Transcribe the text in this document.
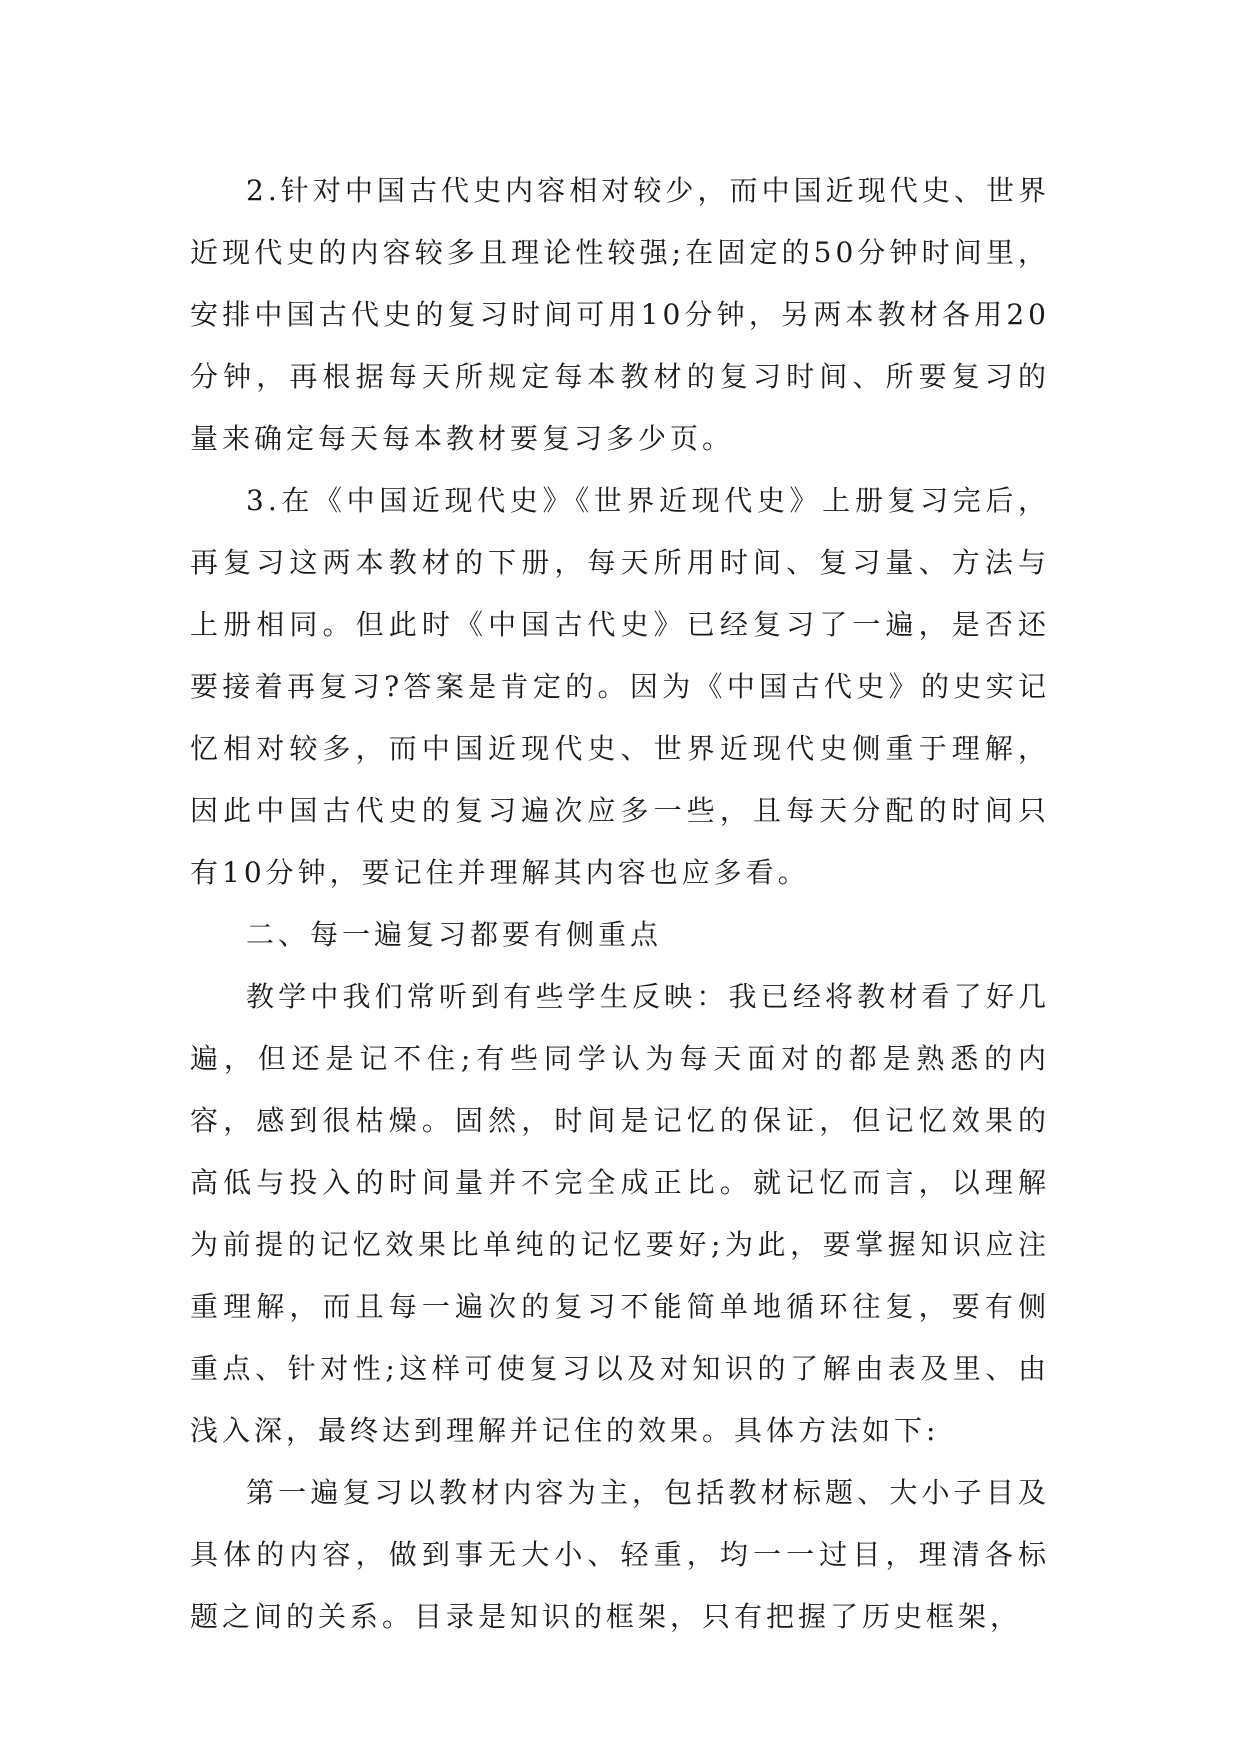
2.针对中国古代史内容相对较少，而中国近现代史、世界近现代史的内容较多且理论性较强;在固定的50分钟时间里，安排中国古代史的复习时间可用10分钟，另两本教材各用20分钟，再根据每天所规定每本教材的复习时间、所要复习的量来确定每天每本教材要复习多少页。

3.在《中国近现代史》《世界近现代史》上册复习完后，再复习这两本教材的下册，每天所用时间、复习量、方法与上册相同。但此时《中国古代史》已经复习了一遍，是否还要接着再复习?答案是肯定的。因为《中国古代史》的史实记忆相对较多，而中国近现代史、世界近现代史侧重于理解，因此中国古代史的复习遍次应多一些，且每天分配的时间只有10分钟，要记住并理解其内容也应多看。

二、每一遍复习都要有侧重点

教学中我们常听到有些学生反映：我已经将教材看了好几遍，但还是记不住;有些同学认为每天面对的都是熟悉的内容，感到很枯燥。固然，时间是记忆的保证，但记忆效果的高低与投入的时间量并不完全成正比。就记忆而言，以理解为前提的记忆效果比单纯的记忆要好;为此，要掌握知识应注重理解，而且每一遍次的复习不能简单地循环往复，要有侧重点、针对性;这样可使复习以及对知识的了解由表及里、由浅入深，最终达到理解并记住的效果。具体方法如下:

第一遍复习以教材内容为主，包括教材标题、大小子目及具体的内容，做到事无大小、轻重，均一一过目，理清各标题之间的关系。目录是知识的框架，只有把握了历史框架，
